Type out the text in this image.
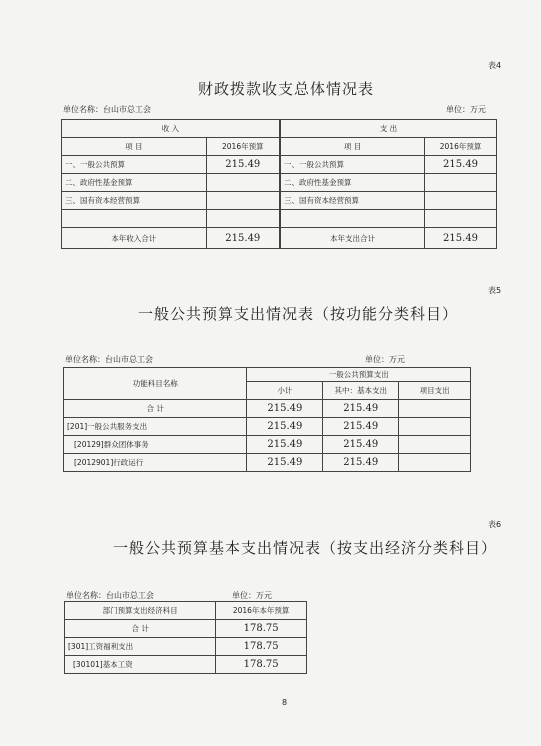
表4
财政拨款收支总体情况表
单位名称：台山市总工会	单位：万元
收 入		支 出	
项 目	2016年预算	项 目	2016年预算
一、一般公共预算	215.49	一、一般公共预算	215.49
二、政府性基金预算		二、政府性基金预算	
三、国有资本经营预算		三、国有资本经营预算	

本年收入合计	215.49	本年支出合计	215.49
表5
一般公共预算支出情况表（按功能分类科目）
单位名称：台山市总工会	单位：万元
功能科目名称	一般公共预算支出		
	小计	其中：基本支出	项目支出
合 计	215.49	215.49	
[201]一般公共服务支出	215.49	215.49	
[20129]群众团体事务	215.49	215.49	
[2012901]行政运行	215.49	215.49	
表6
一般公共预算基本支出情况表（按支出经济分类科目）
单位名称：台山市总工会	单位：万元
部门预算支出经济科目	2016年本年预算
合 计	178.75
[301]工资福利支出	178.75
[30101]基本工资	178.75
8
